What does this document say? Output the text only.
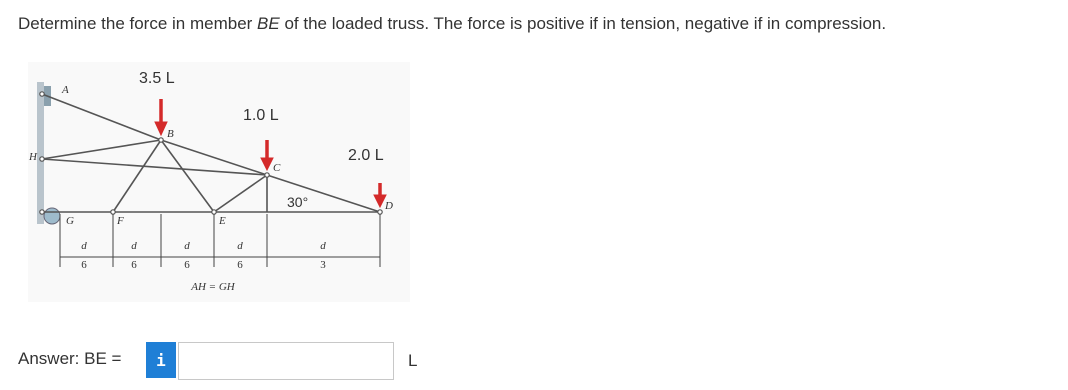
Determine the force in member BE of the loaded truss. The force is positive if in tension, negative if in compression.
A
B
C
D
E
F
G
H
d
6
d
6
d
6
d
6
d
3
AH = GH
3.5 L
1.0 L
2.0 L
30°
Answer: BE =	i	L
